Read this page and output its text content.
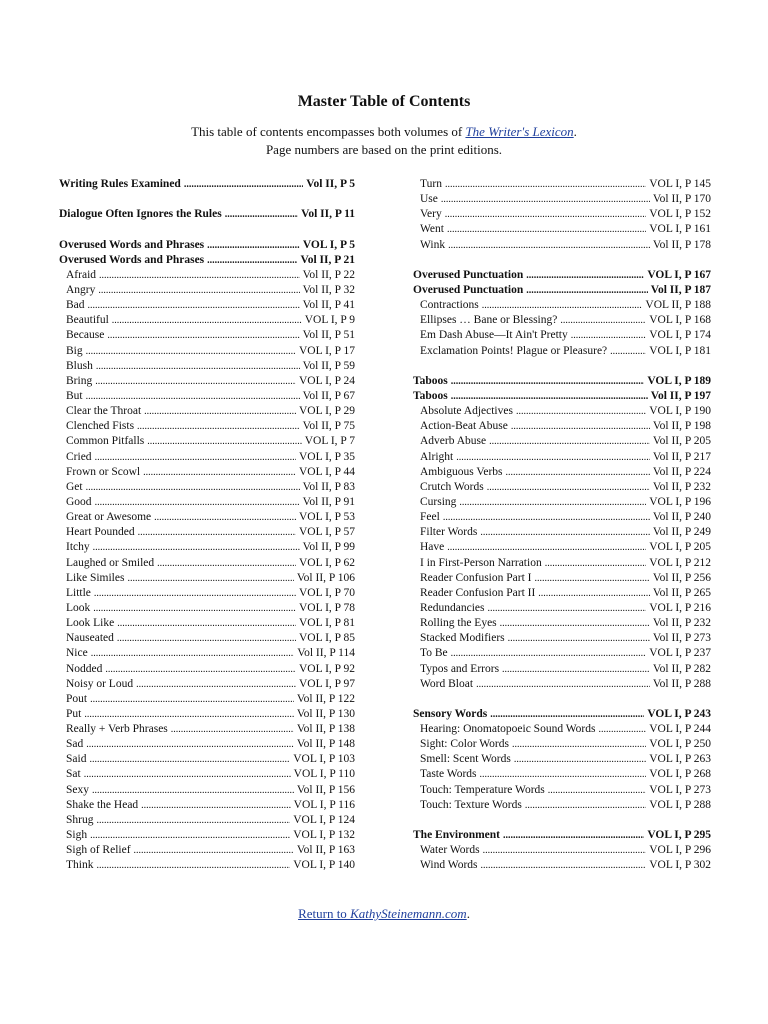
Master Table of Contents
This table of contents encompasses both volumes of The Writer's Lexicon.
Page numbers are based on the print editions.
Writing Rules Examined .....	Vol II, P 5
Dialogue Often Ignores the Rules .....	Vol II, P 11
Overused Words and Phrases .....	VOL I, P 5
Overused Words and Phrases .....	Vol II, P 21
Afraid .....	Vol II, P 22
Angry .....	Vol II, P 32
Bad .....	Vol II, P 41
Beautiful .....	VOL I, P 9
Because .....	Vol II, P 51
Big .....	VOL I, P 17
Blush .....	Vol II, P 59
Bring .....	VOL I, P 24
But .....	Vol II, P 67
Clear the Throat .....	VOL I, P 29
Clenched Fists .....	Vol II, P 75
Common Pitfalls .....	VOL I, P 7
Cried .....	VOL I, P 35
Frown or Scowl .....	VOL I, P 44
Get .....	Vol II, P 83
Good .....	Vol II, P 91
Great or Awesome .....	VOL I, P 53
Heart Pounded .....	VOL I, P 57
Itchy .....	Vol II, P 99
Laughed or Smiled .....	VOL I, P 62
Like Similes .....	Vol II, P 106
Little .....	VOL I, P 70
Look .....	VOL I, P 78
Look Like .....	VOL I, P 81
Nauseated .....	VOL I, P 85
Nice .....	Vol II, P 114
Nodded .....	VOL I, P 92
Noisy or Loud .....	VOL I, P 97
Pout .....	Vol II, P 122
Put .....	Vol II, P 130
Really + Verb Phrases .....	Vol II, P 138
Sad .....	Vol II, P 148
Said .....	VOL I, P 103
Sat .....	VOL I, P 110
Sexy .....	Vol II, P 156
Shake the Head .....	VOL I, P 116
Shrug .....	VOL I, P 124
Sigh .....	VOL I, P 132
Sigh of Relief .....	Vol II, P 163
Think .....	VOL I, P 140
Turn .....	VOL I, P 145
Use .....	Vol II, P 170
Very .....	VOL I, P 152
Went .....	VOL I, P 161
Wink .....	Vol II, P 178
Overused Punctuation .....	VOL I, P 167
Overused Punctuation .....	Vol II, P 187
Contractions .....	VOL II, P 188
Ellipses … Bane or Blessing? .....	VOL I, P 168
Em Dash Abuse—It Ain't Pretty .....	VOL I, P 174
Exclamation Points! Plague or Pleasure? .....	VOL I, P 181
Taboos .....	VOL I, P 189
Taboos .....	Vol II, P 197
Absolute Adjectives .....	VOL I, P 190
Action-Beat Abuse .....	Vol II, P 198
Adverb Abuse .....	Vol II, P 205
Alright .....	Vol II, P 217
Ambiguous Verbs .....	Vol II, P 224
Crutch Words .....	Vol II, P 232
Cursing .....	VOL I, P 196
Feel .....	Vol II, P 240
Filter Words .....	Vol II, P 249
Have .....	VOL I, P 205
I in First-Person Narration .....	VOL I, P 212
Reader Confusion Part I .....	Vol II, P 256
Reader Confusion Part II .....	Vol II, P 265
Redundancies .....	VOL I, P 216
Rolling the Eyes .....	Vol II, P 232
Stacked Modifiers .....	Vol II, P 273
To Be .....	VOL I, P 237
Typos and Errors .....	Vol II, P 282
Word Bloat .....	Vol II, P 288
Sensory Words .....	VOL I, P 243
Hearing: Onomatopoeic Sound Words .....	VOL I, P 244
Sight: Color Words .....	VOL I, P 250
Smell: Scent Words .....	VOL I, P 263
Taste Words .....	VOL I, P 268
Touch: Temperature Words .....	VOL I, P 273
Touch: Texture Words .....	VOL I, P 288
The Environment .....	VOL I, P 295
Water Words .....	VOL I, P 296
Wind Words .....	VOL I, P 302
Return to KathySteinemann.com.
